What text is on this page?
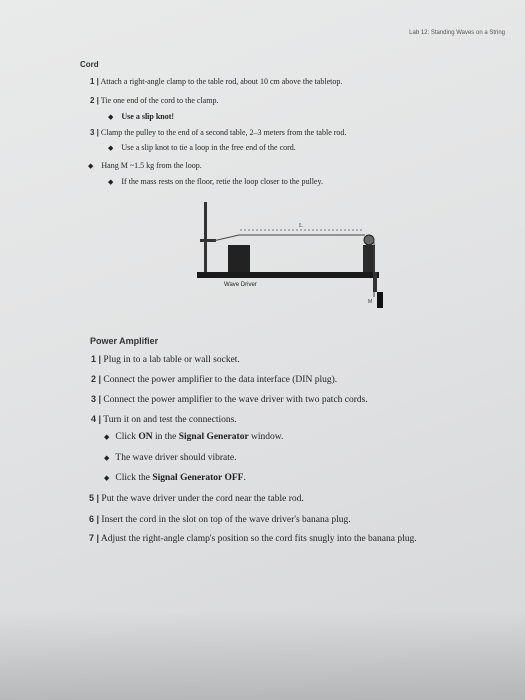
Lab 12: Standing Waves on a String
Cord
1 | Attach a right-angle clamp to the table rod, about 10 cm above the tabletop.
2 | Tie one end of the cord to the clamp.
◆ Use a slip knot!
3 | Clamp the pulley to the end of a second table, 2–3 meters from the table rod.
◆ Use a slip knot to tie a loop in the free end of the cord.
◆ Hang M ~1.5 kg from the loop.
◆ If the mass rests on the floor, retie the loop closer to the pulley.
L
M
Wave Driver
Power Amplifier
1 | Plug in to a lab table or wall socket.
2 | Connect the power amplifier to the data interface (DIN plug).
3 | Connect the power amplifier to the wave driver with two patch cords.
4 | Turn it on and test the connections.
◆ Click ON in the Signal Generator window.
◆ The wave driver should vibrate.
◆ Click the Signal Generator OFF.
5 | Put the wave driver under the cord near the table rod.
6 | Insert the cord in the slot on top of the wave driver's banana plug.
7 | Adjust the right-angle clamp's position so the cord fits snugly into the banana plug.
